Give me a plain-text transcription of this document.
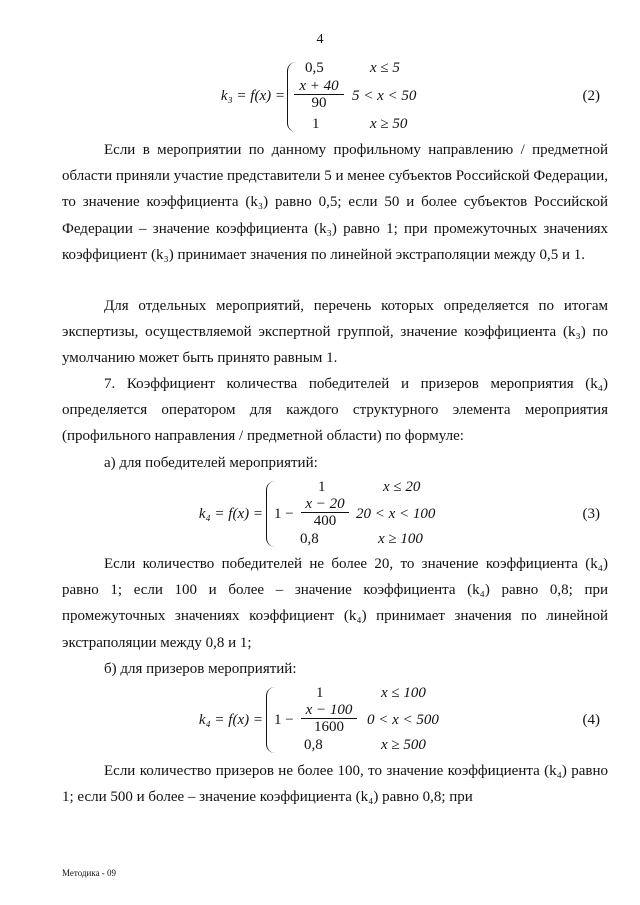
4
k₃ = f(x) =
0,5	x ≤ 5
$\frac{x + 40}{90} 5 < x < 50$
1	x ≥ 50
(2)

Если в мероприятии по данному профильному направлению / предметной области приняли участие представители 5 и менее субъектов Российской Федерации, то значение коэффициента (k₃) равно 0,5; если 50 и более субъектов Российской Федерации – значение коэффициента (k₃) равно 1; при промежуточных значениях коэффициент (k₃) принимает значения по линейной экстраполяции между 0,5 и 1.

Для отдельных мероприятий, перечень которых определяется по итогам экспертизы, осуществляемой экспертной группой, значение коэффициента (k₃) по умолчанию может быть принято равным 1.

7. Коэффициент количества победителей и призеров мероприятия (k₄) определяется оператором для каждого структурного элемента мероприятия (профильного направления / предметной области) по формуле:

а) для победителей мероприятий:

k₄ = f(x) =
1	x ≤ 20
$1 - \frac{x - 20}{400} 20 < x < 100$
0,8	x ≥ 100
(3)

Если количество победителей не более 20, то значение коэффициента (k₄) равно 1; если 100 и более – значение коэффициента (k₄) равно 0,8; при промежуточных значениях коэффициент (k₄) принимает значения по линейной экстраполяции между 0,8 и 1;

б) для призеров мероприятий:

k₄ = f(x) =
1	x ≤ 100
$1 - \frac{x - 100}{1600} 0 < x < 500$
0,8	x ≥ 500
(4)

Если количество призеров не более 100, то значение коэффициента (k₄) равно 1; если 500 и более – значение коэффициента (k₄) равно 0,8; при

Методика - 09
